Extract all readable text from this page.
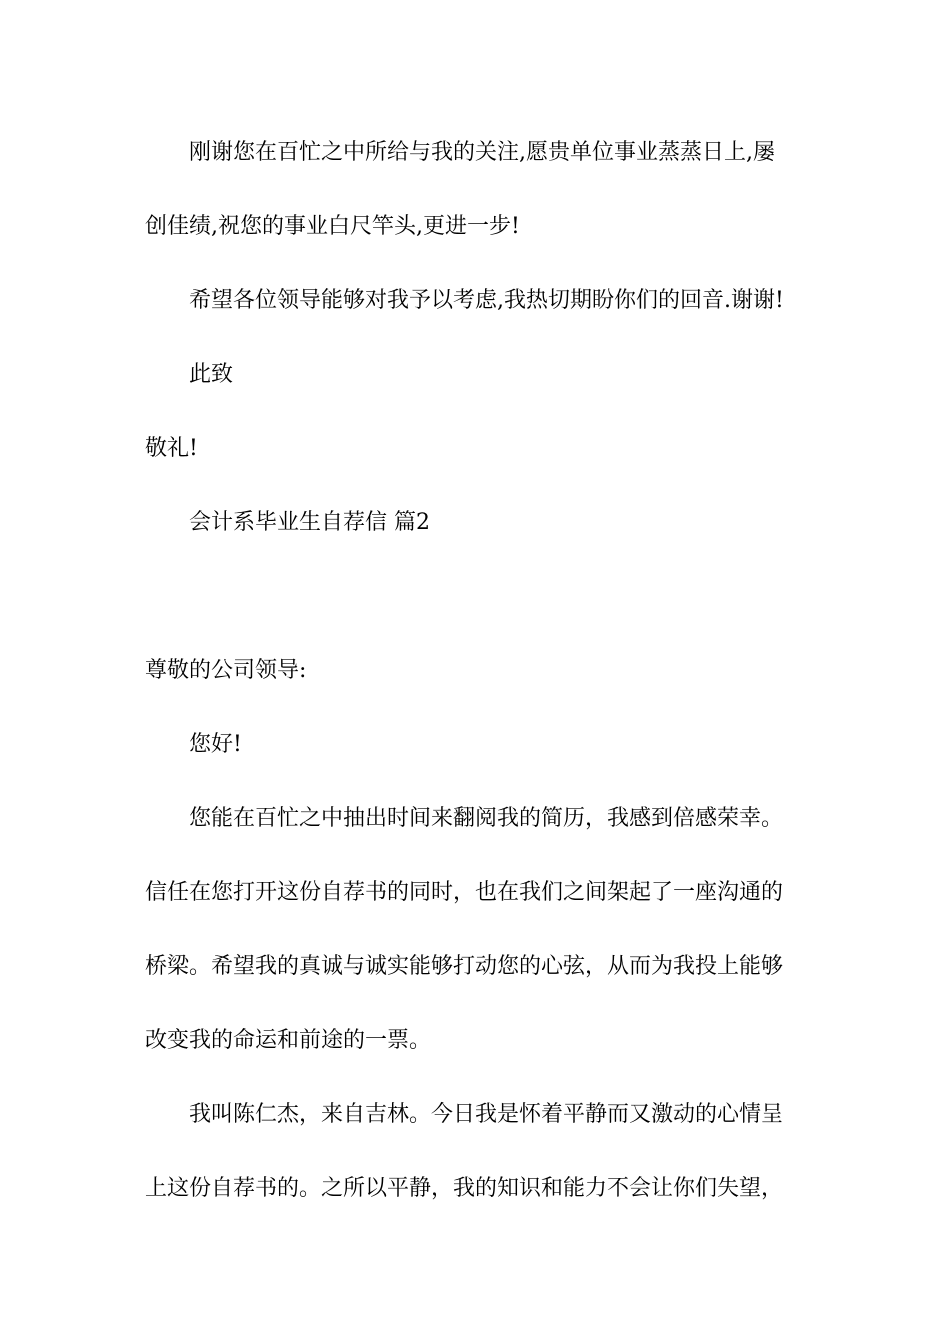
刚谢您在百忙之中所给与我的关注,愿贵单位事业蒸蒸日上,屡
创佳绩,祝您的事业白尺竿头,更进一步!
希望各位领导能够对我予以考虑,我热切期盼你们的回音.谢谢!
此致
敬礼!
会计系毕业生自荐信 篇2
尊敬的公司领导:
您好!
您能在百忙之中抽出时间来翻阅我的简历，我感到倍感荣幸。
信任在您打开这份自荐书的同时，也在我们之间架起了一座沟通的
桥梁。希望我的真诚与诚实能够打动您的心弦，从而为我投上能够
改变我的命运和前途的一票。
我叫陈仁杰，来自吉林。今日我是怀着平静而又激动的心情呈
上这份自荐书的。之所以平静，我的知识和能力不会让你们失望，
